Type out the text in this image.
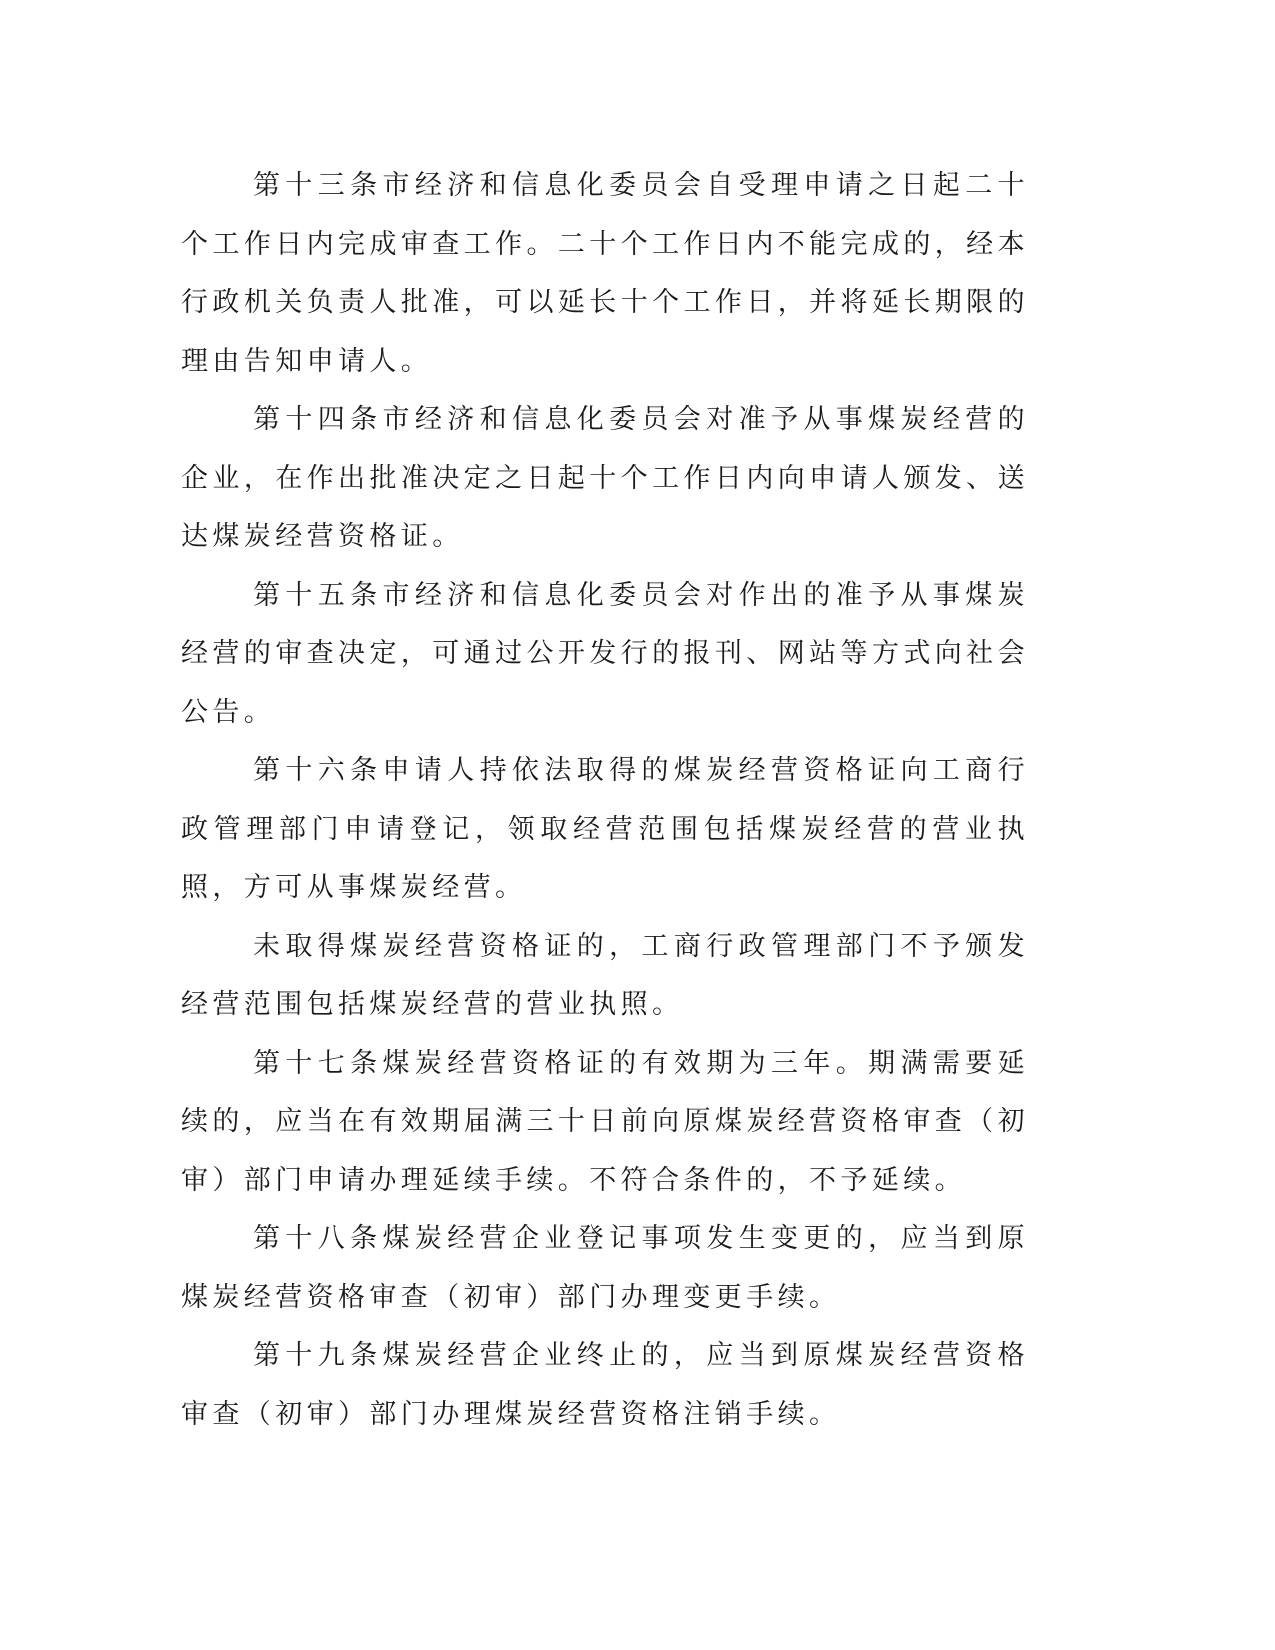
第十三条市经济和信息化委员会自受理申请之日起二十个工作日内完成审查工作。二十个工作日内不能完成的，经本行政机关负责人批准，可以延长十个工作日，并将延长期限的理由告知申请人。

第十四条市经济和信息化委员会对准予从事煤炭经营的企业，在作出批准决定之日起十个工作日内向申请人颁发、送达煤炭经营资格证。

第十五条市经济和信息化委员会对作出的准予从事煤炭经营的审查决定，可通过公开发行的报刊、网站等方式向社会公告。

第十六条申请人持依法取得的煤炭经营资格证向工商行政管理部门申请登记，领取经营范围包括煤炭经营的营业执照，方可从事煤炭经营。

未取得煤炭经营资格证的，工商行政管理部门不予颁发经营范围包括煤炭经营的营业执照。

第十七条煤炭经营资格证的有效期为三年。期满需要延续的，应当在有效期届满三十日前向原煤炭经营资格审查（初审）部门申请办理延续手续。不符合条件的，不予延续。

第十八条煤炭经营企业登记事项发生变更的，应当到原煤炭经营资格审查（初审）部门办理变更手续。

第十九条煤炭经营企业终止的，应当到原煤炭经营资格审查（初审）部门办理煤炭经营资格注销手续。
